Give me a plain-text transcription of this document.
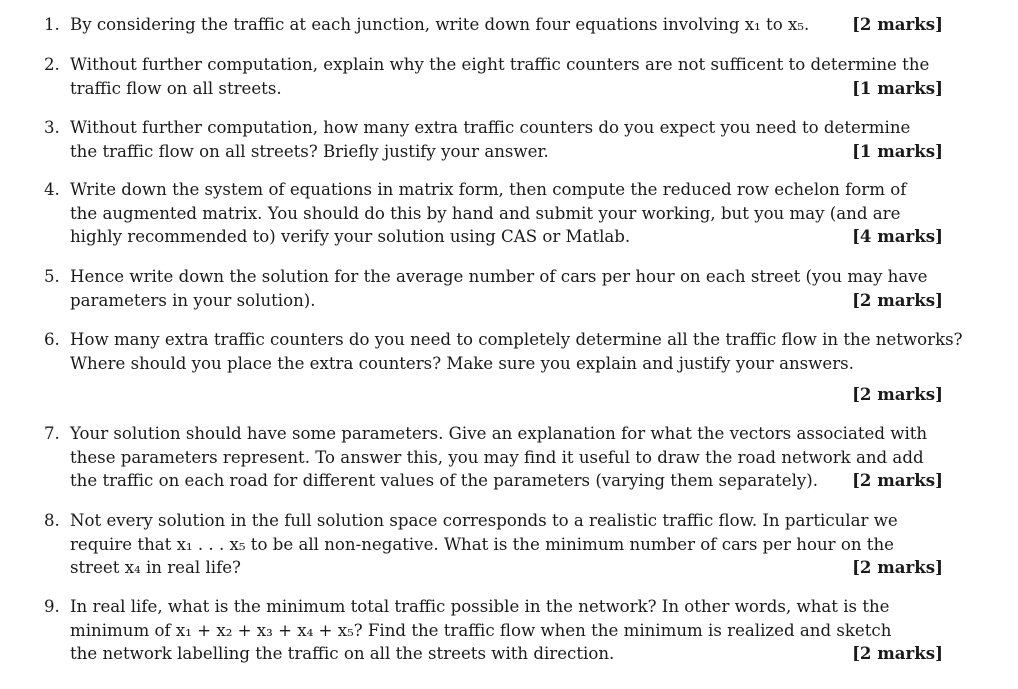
1. By considering the traffic at each junction, write down four equations involving x₁ to x₅.	[2 marks]
2. Without further computation, explain why the eight traffic counters are not sufficent to determine the
traffic flow on all streets.	[1 marks]
3. Without further computation, how many extra traffic counters do you expect you need to determine
the traffic flow on all streets? Briefly justify your answer.	[1 marks]
4. Write down the system of equations in matrix form, then compute the reduced row echelon form of
the augmented matrix. You should do this by hand and submit your working, but you may (and are
highly recommended to) verify your solution using CAS or Matlab.	[4 marks]
5. Hence write down the solution for the average number of cars per hour on each street (you may have
parameters in your solution).	[2 marks]
6. How many extra traffic counters do you need to completely determine all the traffic flow in the networks?
Where should you place the extra counters? Make sure you explain and justify your answers.
[2 marks]
7. Your solution should have some parameters. Give an explanation for what the vectors associated with
these parameters represent. To answer this, you may find it useful to draw the road network and add
the traffic on each road for different values of the parameters (varying them separately). [2 marks]
8. Not every solution in the full solution space corresponds to a realistic traffic flow. In particular we
require that x₁ . . . x₅ to be all non-negative. What is the minimum number of cars per hour on the
street x₄ in real life?	[2 marks]
9. In real life, what is the minimum total traffic possible in the network? In other words, what is the
minimum of x₁ + x₂ + x₃ + x₄ + x₅? Find the traffic flow when the minimum is realized and sketch
the network labelling the traffic on all the streets with direction.	[2 marks]
